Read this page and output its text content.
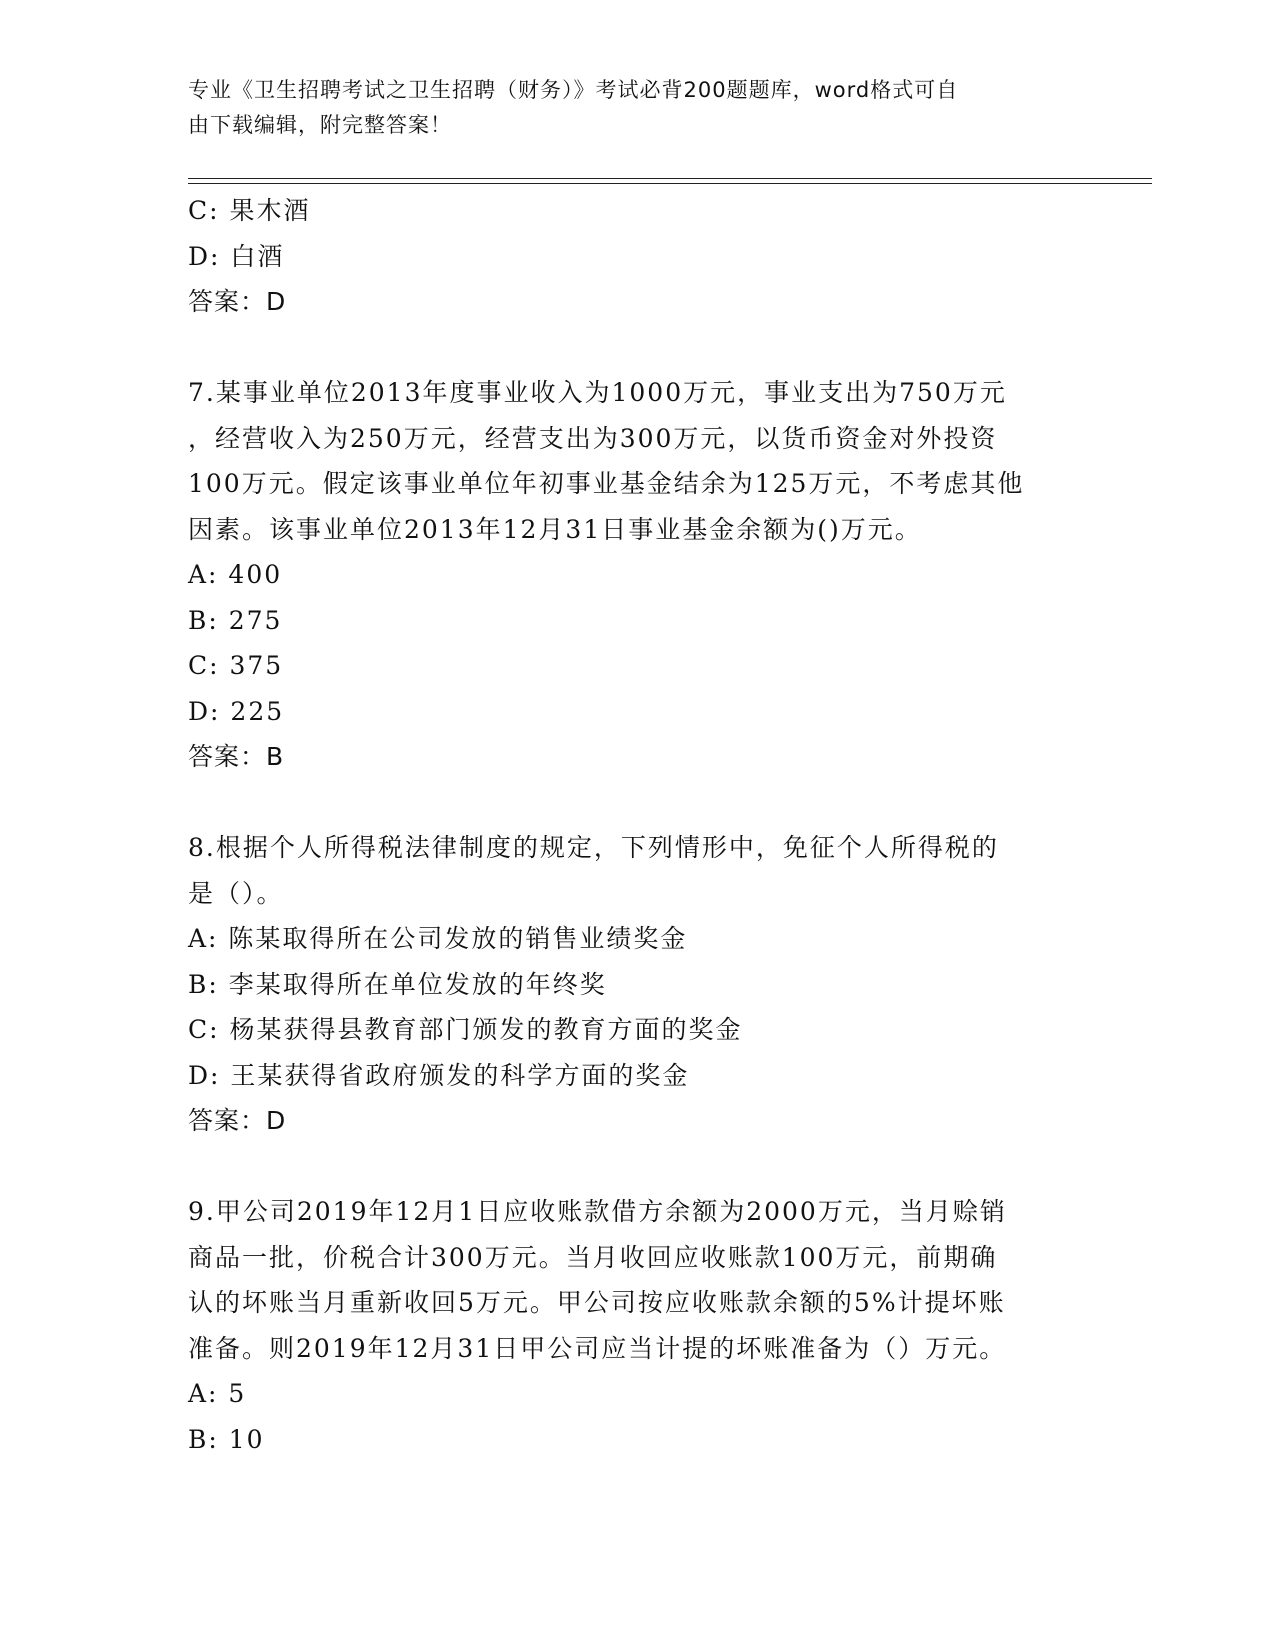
专业《卫生招聘考试之卫生招聘（财务）》考试必背200题题库，word格式可自
由下载编辑，附完整答案！
C: 果木酒
D: 白酒
答案：D
7.某事业单位2013年度事业收入为1000万元，事业支出为750万元
，经营收入为250万元，经营支出为300万元，以货币资金对外投资
100万元。假定该事业单位年初事业基金结余为125万元，不考虑其他
因素。该事业单位2013年12月31日事业基金余额为()万元。
A: 400
B: 275
C: 375
D: 225
答案：B
8.根据个人所得税法律制度的规定，下列情形中，免征个人所得税的
是（）。
A: 陈某取得所在公司发放的销售业绩奖金
B: 李某取得所在单位发放的年终奖
C: 杨某获得县教育部门颁发的教育方面的奖金
D: 王某获得省政府颁发的科学方面的奖金
答案：D
9.甲公司2019年12月1日应收账款借方余额为2000万元，当月赊销
商品一批，价税合计300万元。当月收回应收账款100万元，前期确
认的坏账当月重新收回5万元。甲公司按应收账款余额的5%计提坏账
准备。则2019年12月31日甲公司应当计提的坏账准备为（）万元。
A: 5
B: 10
